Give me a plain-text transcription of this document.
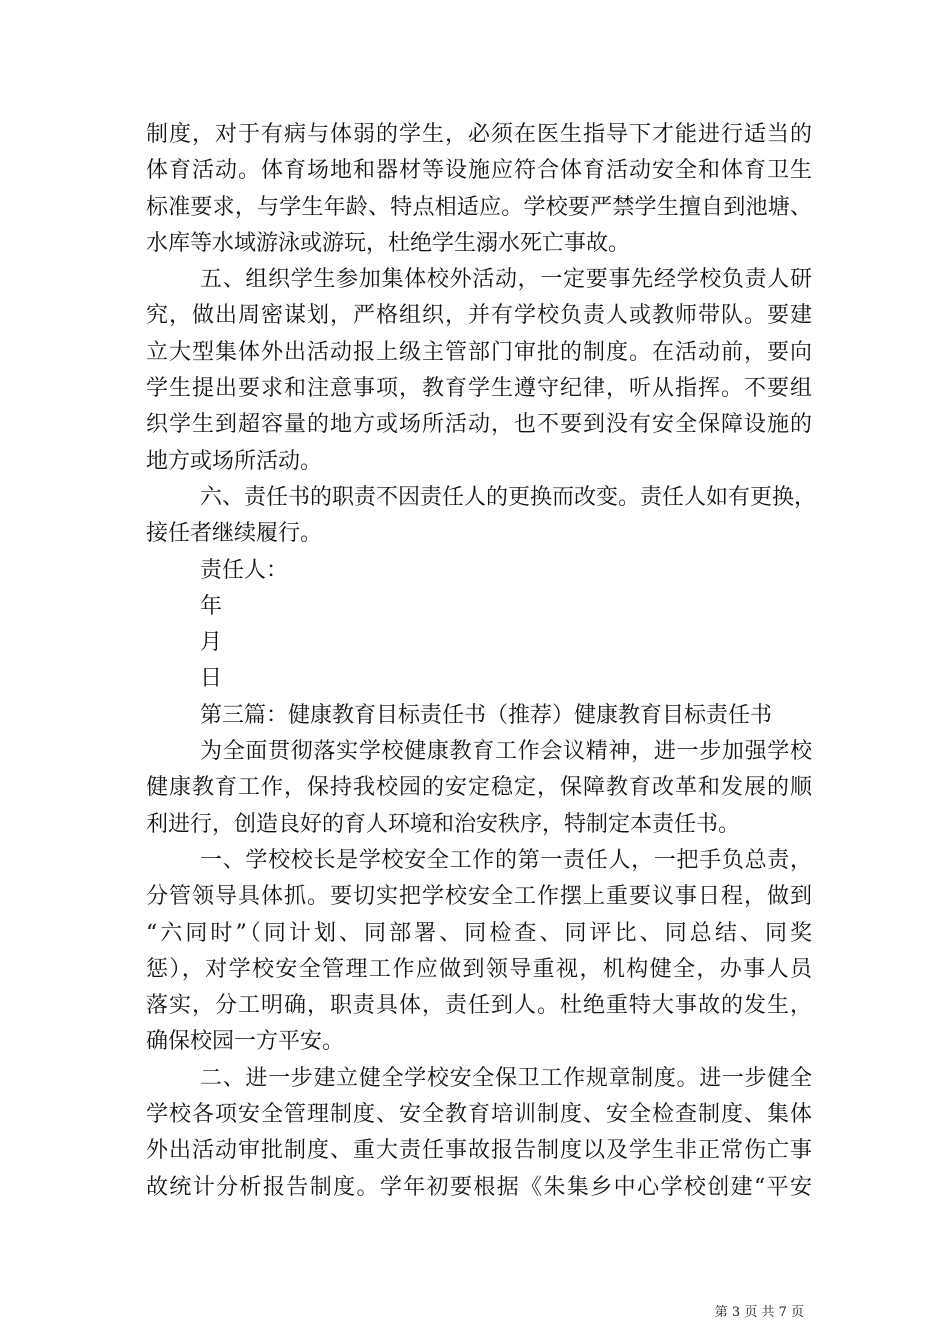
制度，对于有病与体弱的学生，必须在医生指导下才能进行适当的
体育活动。体育场地和器材等设施应符合体育活动安全和体育卫生
标准要求，与学生年龄、特点相适应。学校要严禁学生擅自到池塘、
水库等水域游泳或游玩，杜绝学生溺水死亡事故。
五、组织学生参加集体校外活动，一定要事先经学校负责人研
究，做出周密谋划，严格组织，并有学校负责人或教师带队。要建
立大型集体外出活动报上级主管部门审批的制度。在活动前，要向
学生提出要求和注意事项，教育学生遵守纪律，听从指挥。不要组
织学生到超容量的地方或场所活动，也不要到没有安全保障设施的
地方或场所活动。
六、责任书的职责不因责任人的更换而改变。责任人如有更换，
接任者继续履行。
责任人：
年
月
日
第三篇：健康教育目标责任书（推荐）健康教育目标责任书
为全面贯彻落实学校健康教育工作会议精神，进一步加强学校
健康教育工作，保持我校园的安定稳定，保障教育改革和发展的顺
利进行，创造良好的育人环境和治安秩序，特制定本责任书。
一、学校校长是学校安全工作的第一责任人，一把手负总责，
分管领导具体抓。要切实把学校安全工作摆上重要议事日程，做到
“六同时”（同计划、同部署、同检查、同评比、同总结、同奖
惩），对学校安全管理工作应做到领导重视，机构健全，办事人员
落实，分工明确，职责具体，责任到人。杜绝重特大事故的发生，
确保校园一方平安。
二、进一步建立健全学校安全保卫工作规章制度。进一步健全
学校各项安全管理制度、安全教育培训制度、安全检查制度、集体
外出活动审批制度、重大责任事故报告制度以及学生非正常伤亡事
故统计分析报告制度。学年初要根据《朱集乡中心学校创建“平安
第 3 页 共 7 页
